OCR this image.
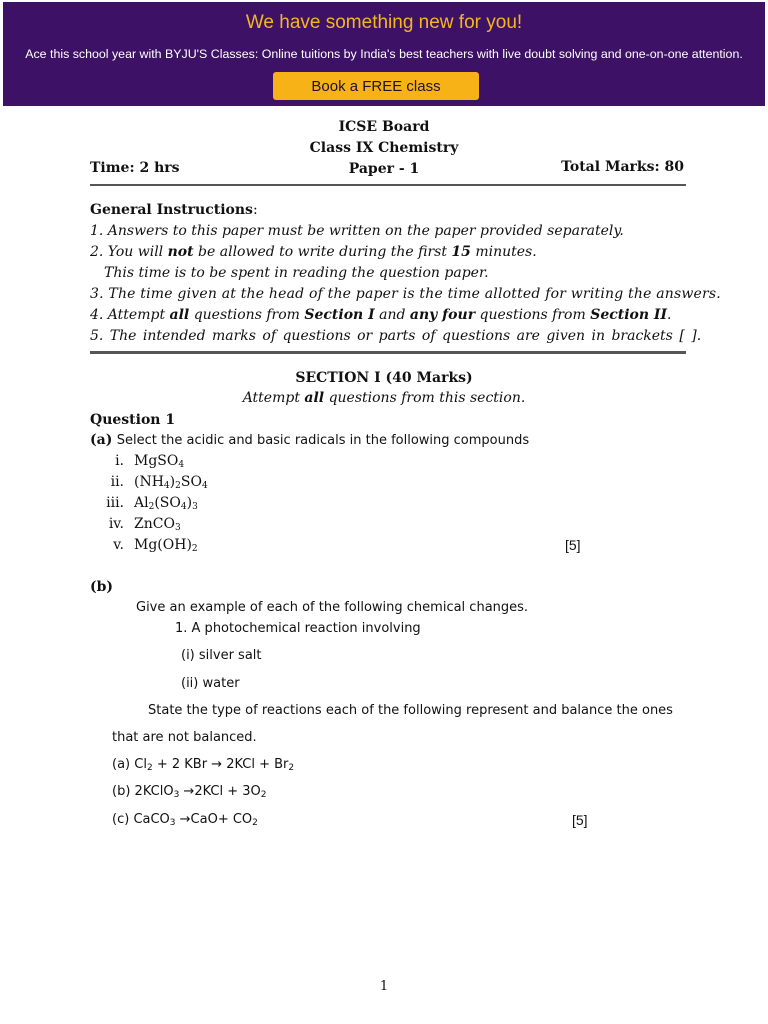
We have something new for you!
Ace this school year with BYJU'S Classes: Online tuitions by India's best teachers with live doubt solving and one-on-one attention.
Book a FREE class
ICSE Board
Class IX Chemistry
Time: 2 hrs	Paper - 1	Total Marks: 80
General Instructions:
1. Answers to this paper must be written on the paper provided separately.
2. You will not be allowed to write during the first 15 minutes.
This time is to be spent in reading the question paper.
3. The time given at the head of the paper is the time allotted for writing the answers.
4. Attempt all questions from Section I and any four questions from Section II.
5. The intended marks of questions or parts of questions are given in brackets [ ].
SECTION I (40 Marks)
Attempt all questions from this section.
Question 1
(a) Select the acidic and basic radicals in the following compounds
i. MgSO$_4$
ii. $(NH_4)_2SO_4$
iii. $Al_2(SO_4)_3$
iv. ZnCO$_3$
v. $Mg(OH)_2$	[5]
(b)
Give an example of each of the following chemical changes.
1. A photochemical reaction involving
(i) silver salt
(ii) water
State the type of reactions each of the following represent and balance the ones
that are not balanced.
(a) $Cl_2 + 2$ KBr → $2KCl + Br_2$
(b) 2KClO$_3$ $\to 2KCl + 3O_2$
(c) CaCO$_3$ $\to CaO+ CO_2$	[5]
1
